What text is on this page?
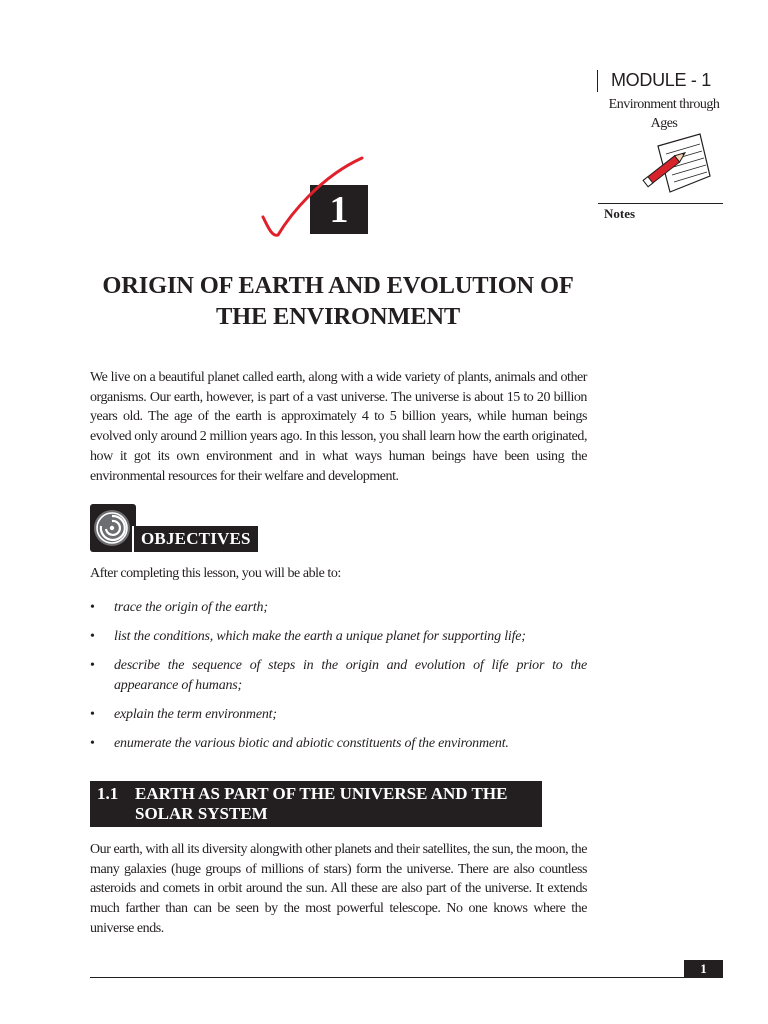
MODULE - 1
Environment through Ages
Notes
1
ORIGIN OF EARTH AND EVOLUTION OF THE ENVIRONMENT
We live on a beautiful planet called earth, along with a wide variety of plants, animals and other organisms. Our earth, however, is part of a vast universe. The universe is about 15 to 20 billion years old. The age of the earth is approximately 4 to 5 billion years, while human beings evolved only around 2 million years ago. In this lesson, you shall learn how the earth originated, how it got its own environment and in what ways human beings have been using the environmental resources for their welfare and development.
OBJECTIVES
After completing this lesson, you will be able to:
• trace the origin of the earth;
• list the conditions, which make the earth a unique planet for supporting life;
• describe the sequence of steps in the origin and evolution of life prior to the appearance of humans;
• explain the term environment;
• enumerate the various biotic and abiotic constituents of the environment.
1.1 EARTH AS PART OF THE UNIVERSE AND THE SOLAR SYSTEM
Our earth, with all its diversity alongwith other planets and their satellites, the sun, the moon, the many galaxies (huge groups of millions of stars) form the universe. There are also countless asteroids and comets in orbit around the sun. All these are also part of the universe. It extends much farther than can be seen by the most powerful telescope. No one knows where the universe ends.
1
